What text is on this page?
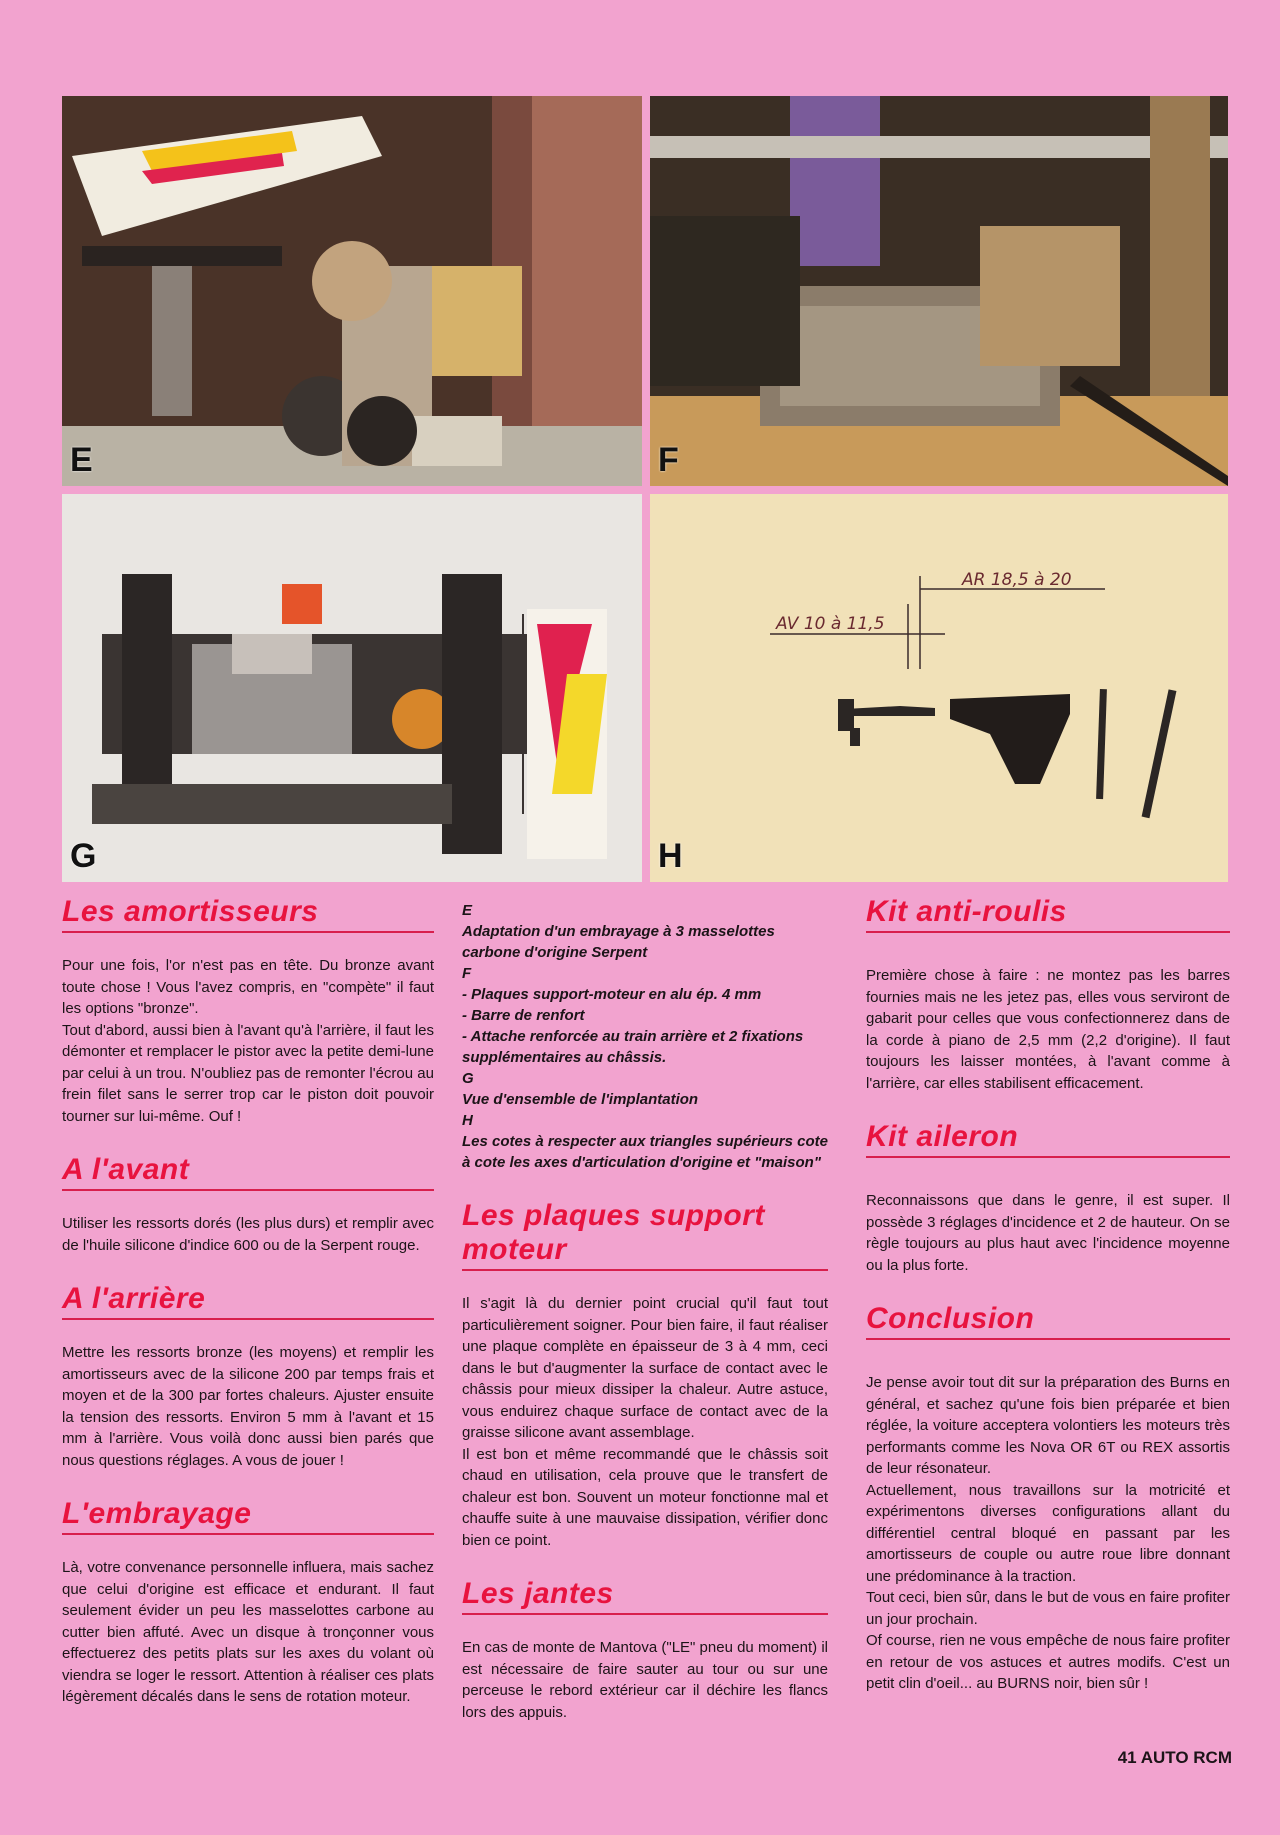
E	F
G
AR 18,5 à 20
AV 10 à 11,5
H
Les amortisseurs

Pour une fois, l'or n'est pas en tête. Du bronze avant toute chose ! Vous l'avez compris, en "compète" il faut les options "bronze".

Tout d'abord, aussi bien à l'avant qu'à l'arrière, il faut les démonter et remplacer le pistor avec la petite demi-lune par celui à un trou. N'oubliez pas de remonter l'écrou au frein filet sans le serrer trop car le piston doit pouvoir tourner sur lui-même. Ouf !

A l'avant

Utiliser les ressorts dorés (les plus durs) et remplir avec de l'huile silicone d'indice 600 ou de la Serpent rouge.

A l'arrière

Mettre les ressorts bronze (les moyens) et remplir les amortisseurs avec de la silicone 200 par temps frais et moyen et de la 300 par fortes chaleurs. Ajuster ensuite la tension des ressorts. Environ 5 mm à l'avant et 15 mm à l'arrière. Vous voilà donc aussi bien parés que nous questions réglages. A vous de jouer !

L'embrayage

Là, votre convenance personnelle influera, mais sachez que celui d'origine est efficace et endurant. Il faut seulement évider un peu les masselottes carbone au cutter bien affuté. Avec un disque à tronçonner vous effectuerez des petits plats sur les axes du volant où viendra se loger le ressort. Attention à réaliser ces plats légèrement décalés dans le sens de rotation moteur.

E

Adaptation d'un embrayage à 3 masselottes carbone d'origine Serpent

F

- Plaques support-moteur en alu ép. 4 mm

- Barre de renfort

- Attache renforcée au train arrière et 2 fixations supplémentaires au châssis.

G

Vue d'ensemble de l'implantation

H

Les cotes à respecter aux triangles supérieurs cote à cote les axes d'articulation d'origine et "maison"

Les plaques support moteur

Il s'agit là du dernier point crucial qu'il faut tout particulièrement soigner. Pour bien faire, il faut réaliser une plaque complète en épaisseur de 3 à 4 mm, ceci dans le but d'augmenter la surface de contact avec le châssis pour mieux dissiper la chaleur. Autre astuce, vous enduirez chaque surface de contact avec de la graisse silicone avant assemblage.

Il est bon et même recommandé que le châssis soit chaud en utilisation, cela prouve que le transfert de chaleur est bon. Souvent un moteur fonctionne mal et chauffe suite à une mauvaise dissipation, vérifier donc bien ce point.

Les jantes

En cas de monte de Mantova ("LE" pneu du moment) il est nécessaire de faire sauter au tour ou sur une perceuse le rebord extérieur car il déchire les flancs lors des appuis.

Kit anti-roulis

Première chose à faire : ne montez pas les barres fournies mais ne les jetez pas, elles vous serviront de gabarit pour celles que vous confectionnerez dans de la corde à piano de 2,5 mm (2,2 d'origine). Il faut toujours les laisser montées, à l'avant comme à l'arrière, car elles stabilisent efficacement.

Kit aileron

Reconnaissons que dans le genre, il est super. Il possède 3 réglages d'incidence et 2 de hauteur. On se règle toujours au plus haut avec l'incidence moyenne ou la plus forte.

Conclusion

Je pense avoir tout dit sur la préparation des Burns en général, et sachez qu'une fois bien préparée et bien réglée, la voiture acceptera volontiers les moteurs très performants comme les Nova OR 6T ou REX assortis de leur résonateur.

Actuellement, nous travaillons sur la motricité et expérimentons diverses configurations allant du différentiel central bloqué en passant par les amortisseurs de couple ou autre roue libre donnant une prédominance à la traction.

Tout ceci, bien sûr, dans le but de vous en faire profiter un jour prochain.

Of course, rien ne vous empêche de nous faire profiter en retour de vos astuces et autres modifs. C'est un petit clin d'oeil... au BURNS noir, bien sûr !

41 AUTO RCM
